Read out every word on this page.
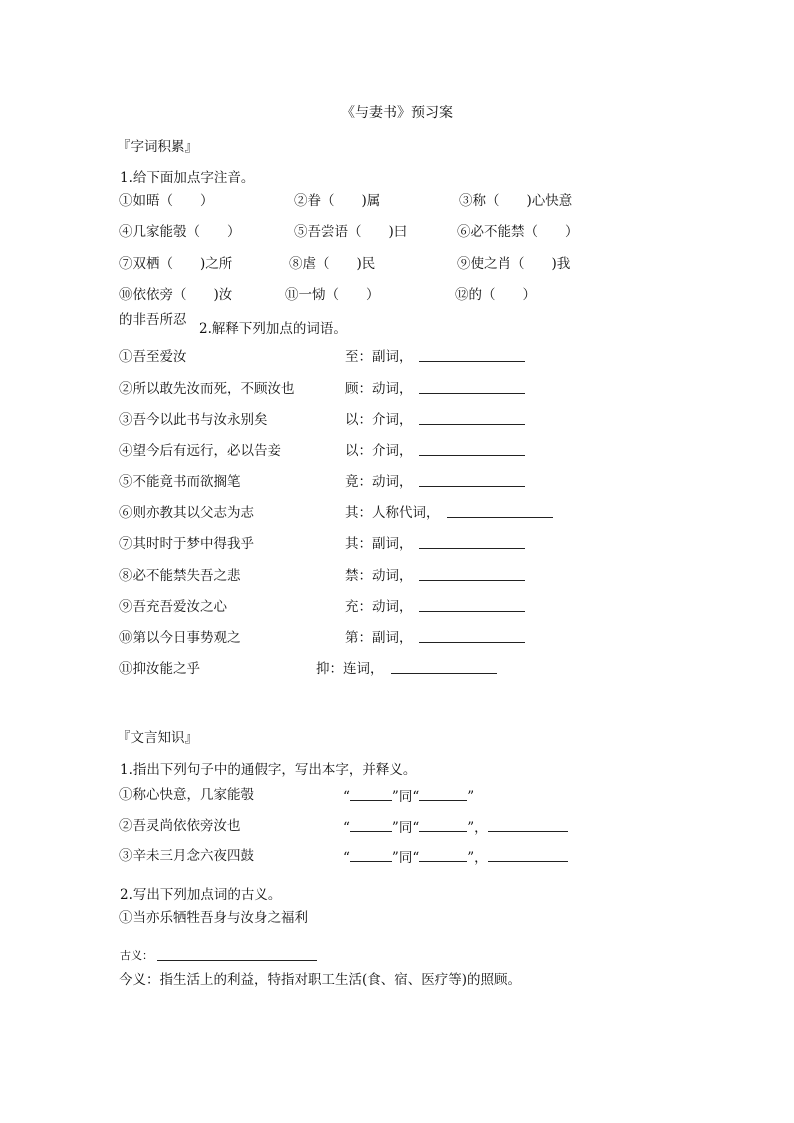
《与妻书》预习案
『字词积累』
1.给下面加点字注音。
①如晤（　　）	②眷（　　)属	③称（　　)心快意
④几家能彀（　　）	⑤吾尝语（　　)曰	⑥必不能禁（　　）
⑦双栖（　　)之所	⑧虐（　　)民	⑨使之肖（　　)我
⑩依依旁（　　)汝	⑪一恸（　　）	⑫的（　　）
的非吾所忍
2.解释下列加点的词语。
①吾至爱汝	至：副词，
②所以敢先汝而死，不顾汝也	顾：动词，
③吾今以此书与汝永别矣	以：介词，
④望今后有远行，必以告妾	以：介词，
⑤不能竟书而欲搁笔	竟：动词，
⑥则亦教其以父志为志	其：人称代词，
⑦其时时于梦中得我乎	其：副词，
⑧必不能禁失吾之悲	禁：动词，
⑨吾充吾爱汝之心	充：动词，
⑩第以今日事势观之	第：副词，
⑪抑汝能之乎	抑：连词，
『文言知识』
1.指出下列句子中的通假字，写出本字，并释义。
①称心快意，几家能彀	“	”同“	”
②吾灵尚依依旁汝也	“	”同“	”，
③辛未三月念六夜四鼓	“	”同“	”，
2.写出下列加点词的古义。
①当亦乐牺牲吾身与汝身之福利
古义：
今义：指生活上的利益，特指对职工生活(食、宿、医疗等)的照顾。
